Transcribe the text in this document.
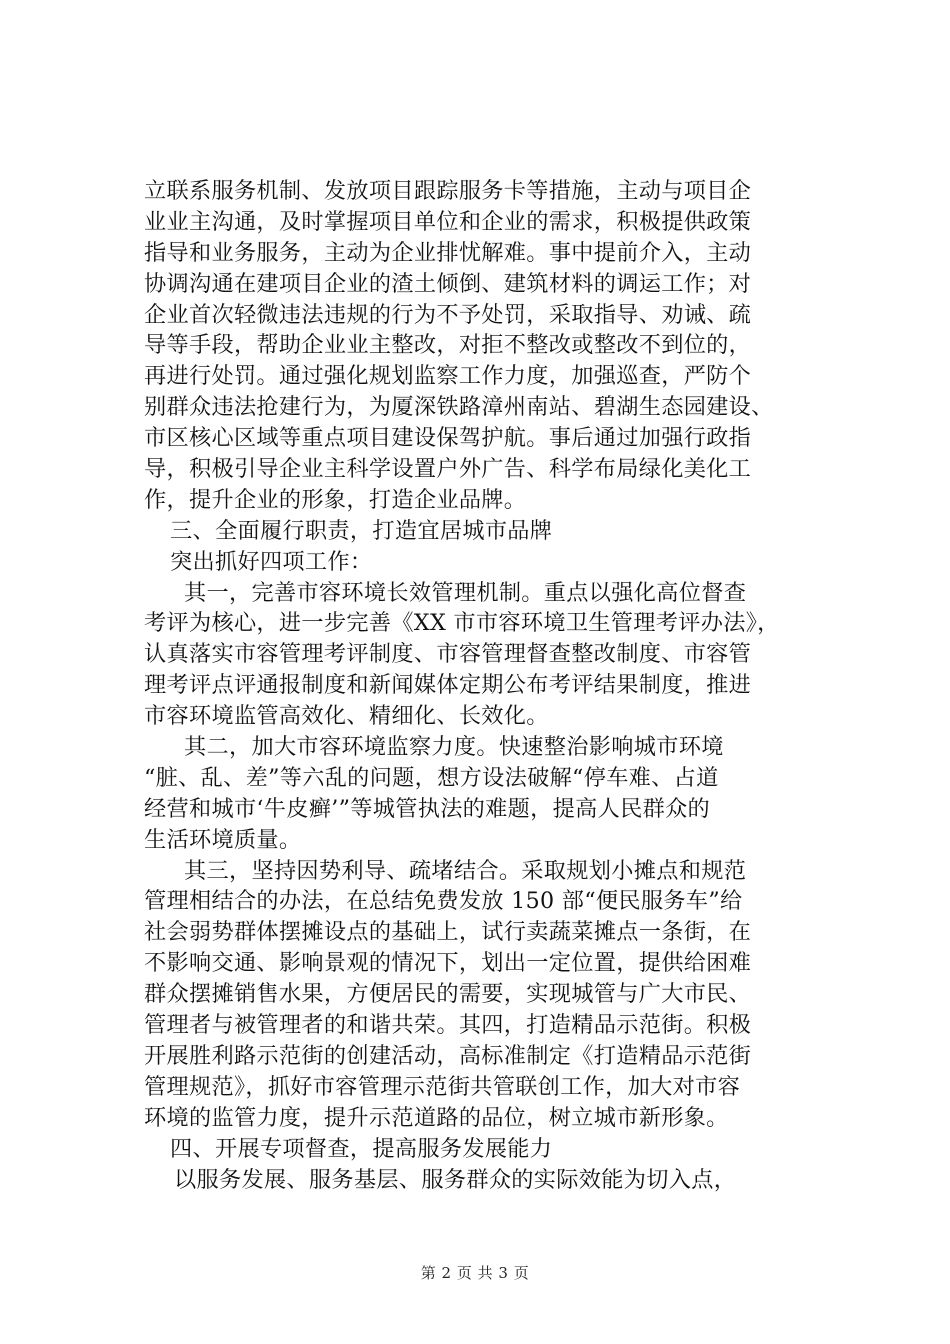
立联系服务机制、发放项目跟踪服务卡等措施，主动与项目企
业业主沟通，及时掌握项目单位和企业的需求，积极提供政策
指导和业务服务，主动为企业排忧解难。事中提前介入，主动
协调沟通在建项目企业的渣土倾倒、建筑材料的调运工作；对
企业首次轻微违法违规的行为不予处罚，采取指导、劝诫、疏
导等手段，帮助企业业主整改，对拒不整改或整改不到位的，
再进行处罚。通过强化规划监察工作力度，加强巡查，严防个
别群众违法抢建行为，为厦深铁路漳州南站、碧湖生态园建设、
市区核心区域等重点项目建设保驾护航。事后通过加强行政指
导，积极引导企业主科学设置户外广告、科学布局绿化美化工
作，提升企业的形象，打造企业品牌。
三、全面履行职责，打造宜居城市品牌
突出抓好四项工作：
其一，完善市容环境长效管理机制。重点以强化高位督查
考评为核心，进一步完善《XX 市市容环境卫生管理考评办法》，
认真落实市容管理考评制度、市容管理督查整改制度、市容管
理考评点评通报制度和新闻媒体定期公布考评结果制度，推进
市容环境监管高效化、精细化、长效化。
其二，加大市容环境监察力度。快速整治影响城市环境
“脏、乱、差”等六乱的问题，想方设法破解“停车难、占道
经营和城市‘牛皮癣’”等城管执法的难题，提高人民群众的
生活环境质量。
其三，坚持因势利导、疏堵结合。采取规划小摊点和规范
管理相结合的办法，在总结免费发放 150 部“便民服务车”给
社会弱势群体摆摊设点的基础上，试行卖蔬菜摊点一条街，在
不影响交通、影响景观的情况下，划出一定位置，提供给困难
群众摆摊销售水果，方便居民的需要，实现城管与广大市民、
管理者与被管理者的和谐共荣。其四，打造精品示范街。积极
开展胜利路示范街的创建活动，高标准制定《打造精品示范街
管理规范》，抓好市容管理示范街共管联创工作，加大对市容
环境的监管力度，提升示范道路的品位，树立城市新形象。
四、开展专项督查，提高服务发展能力
以服务发展、服务基层、服务群众的实际效能为切入点，
第 2 页 共 3 页
